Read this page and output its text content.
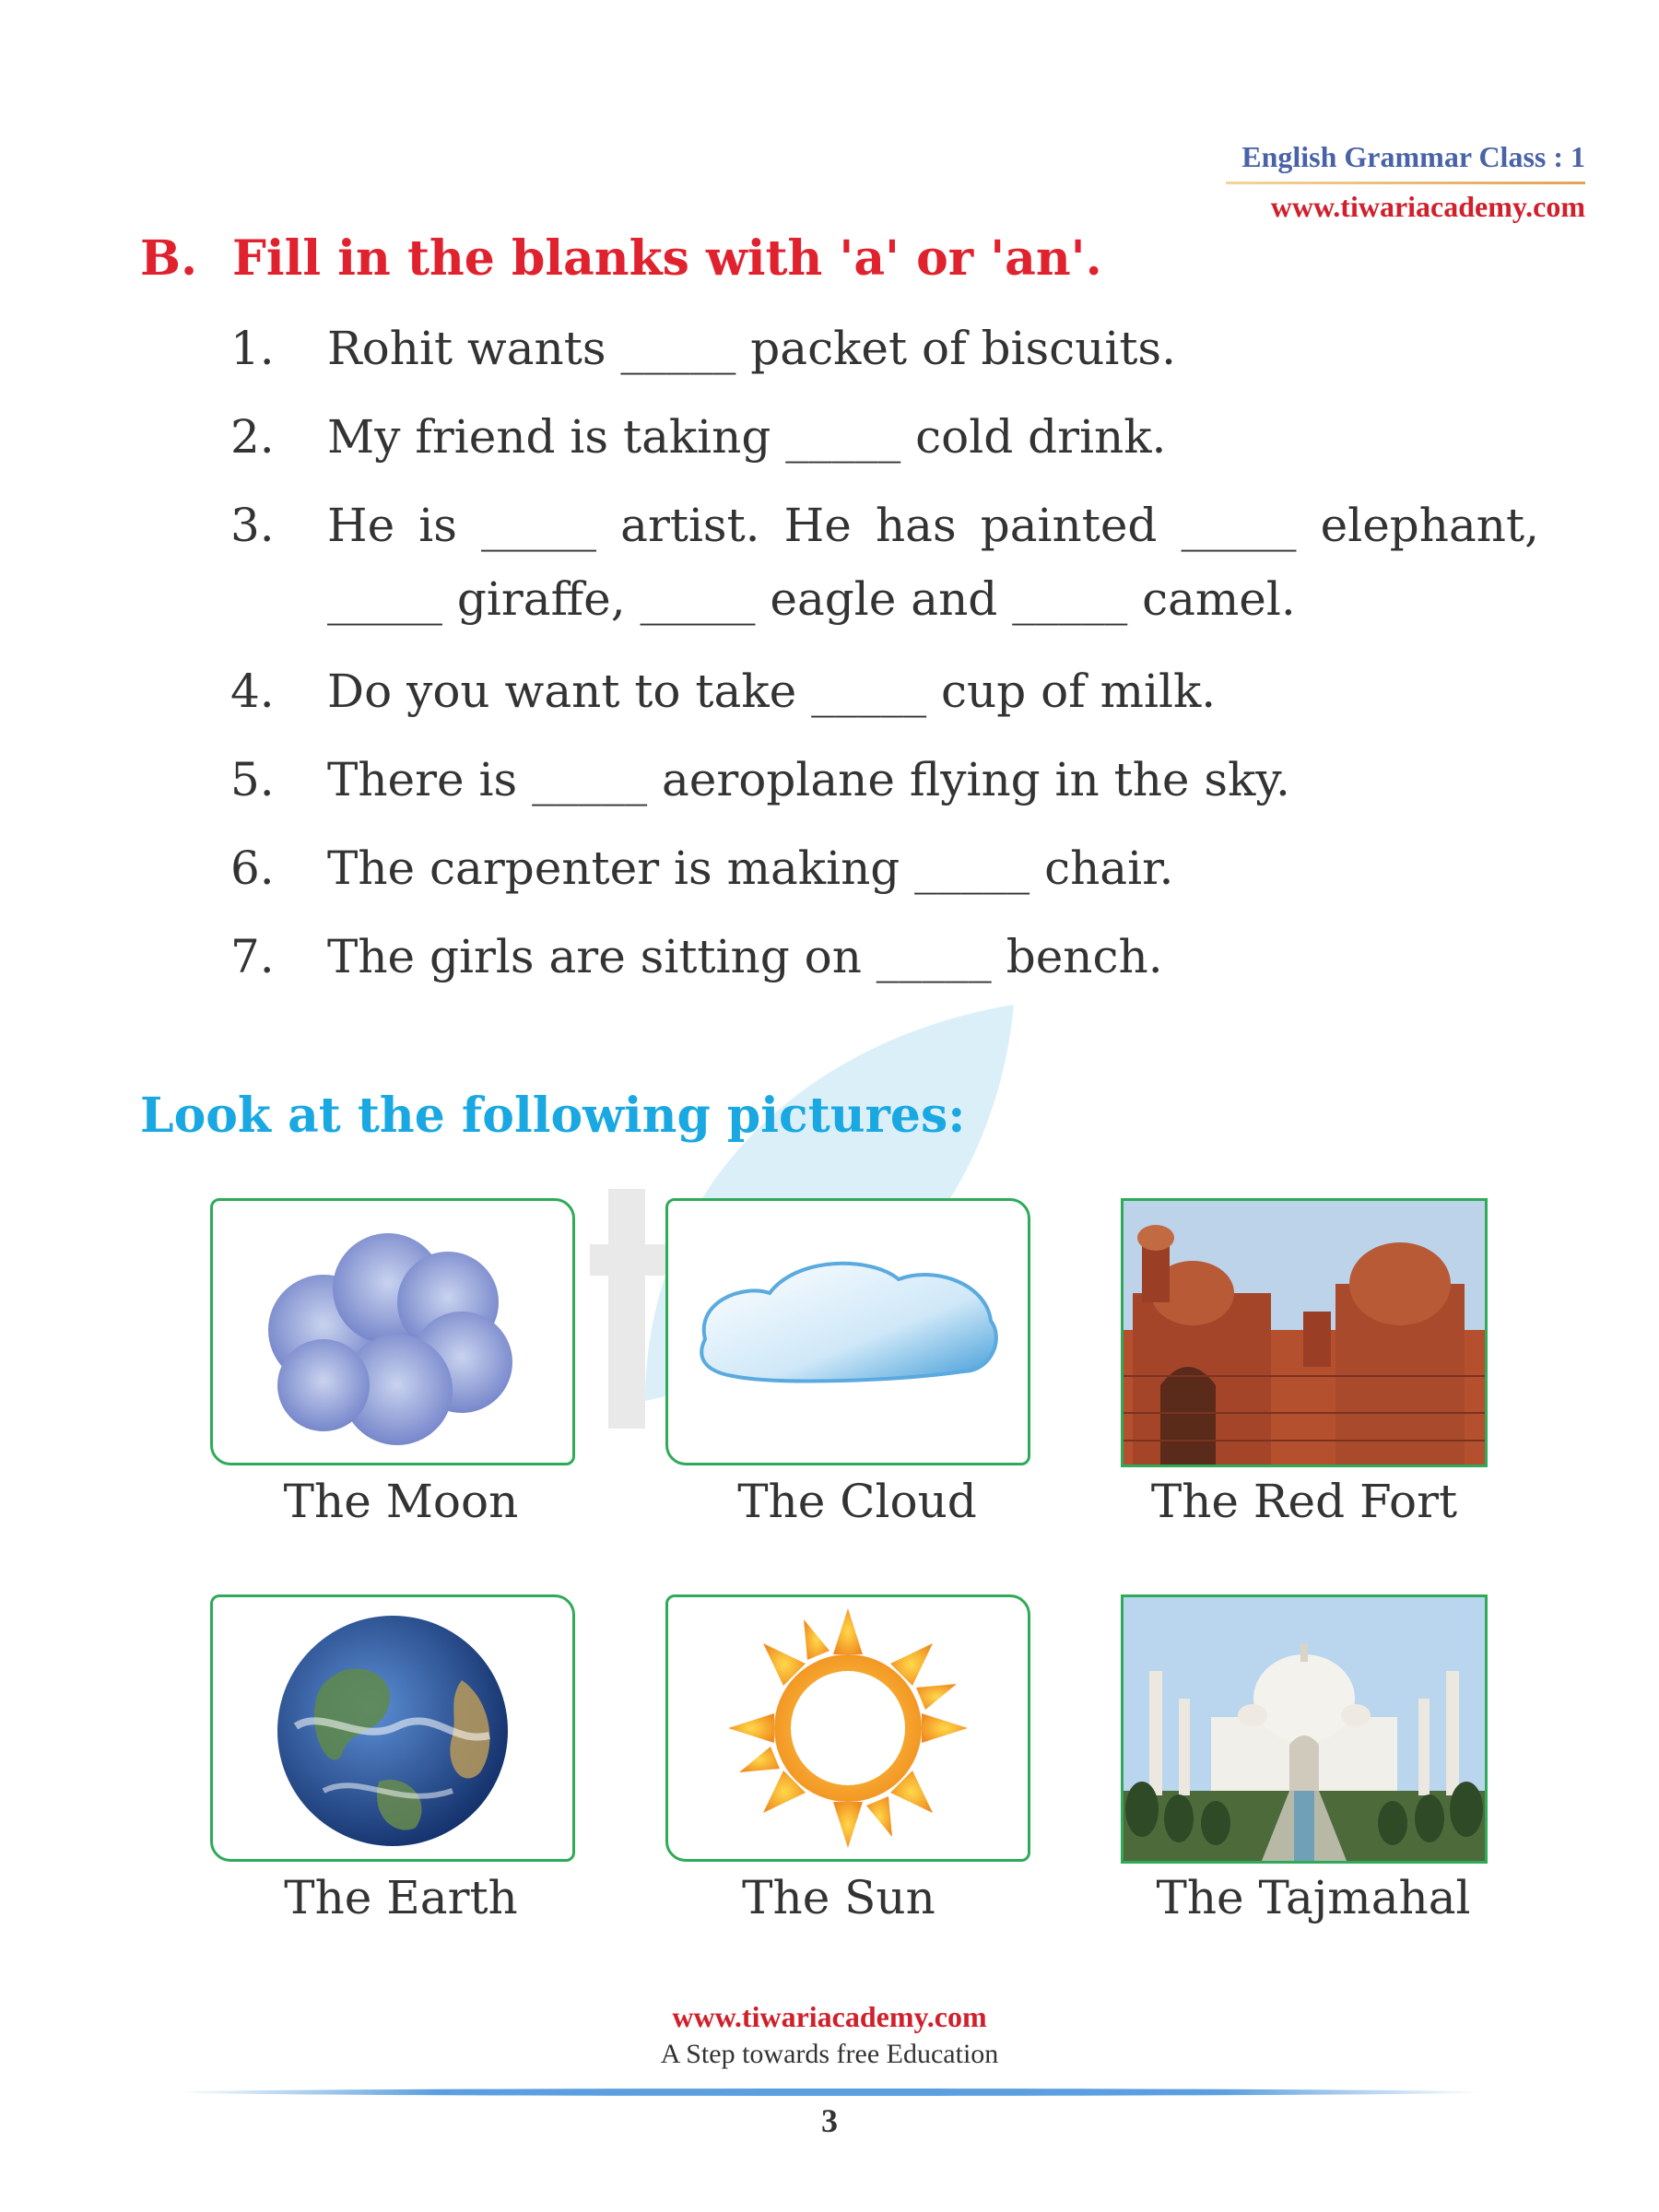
English Grammar Class : 1
www.tiwariacademy.com
B. Fill in the blanks with 'a' or 'an'.
1. Rohit wants _____ packet of biscuits.
2. My friend is taking _____ cold drink.
3. He is _____ artist. He has painted _____ elephant,
_____ giraffe, _____ eagle and _____ camel.
4. Do you want to take _____ cup of milk.
5. There is _____ aeroplane flying in the sky.
6. The carpenter is making _____ chair.
7. The girls are sitting on _____ bench.
Look at the following pictures:
The Moon	The Cloud	The Red Fort
The Earth	The Sun	The Tajmahal
www.tiwariacademy.com
A Step towards free Education
3
